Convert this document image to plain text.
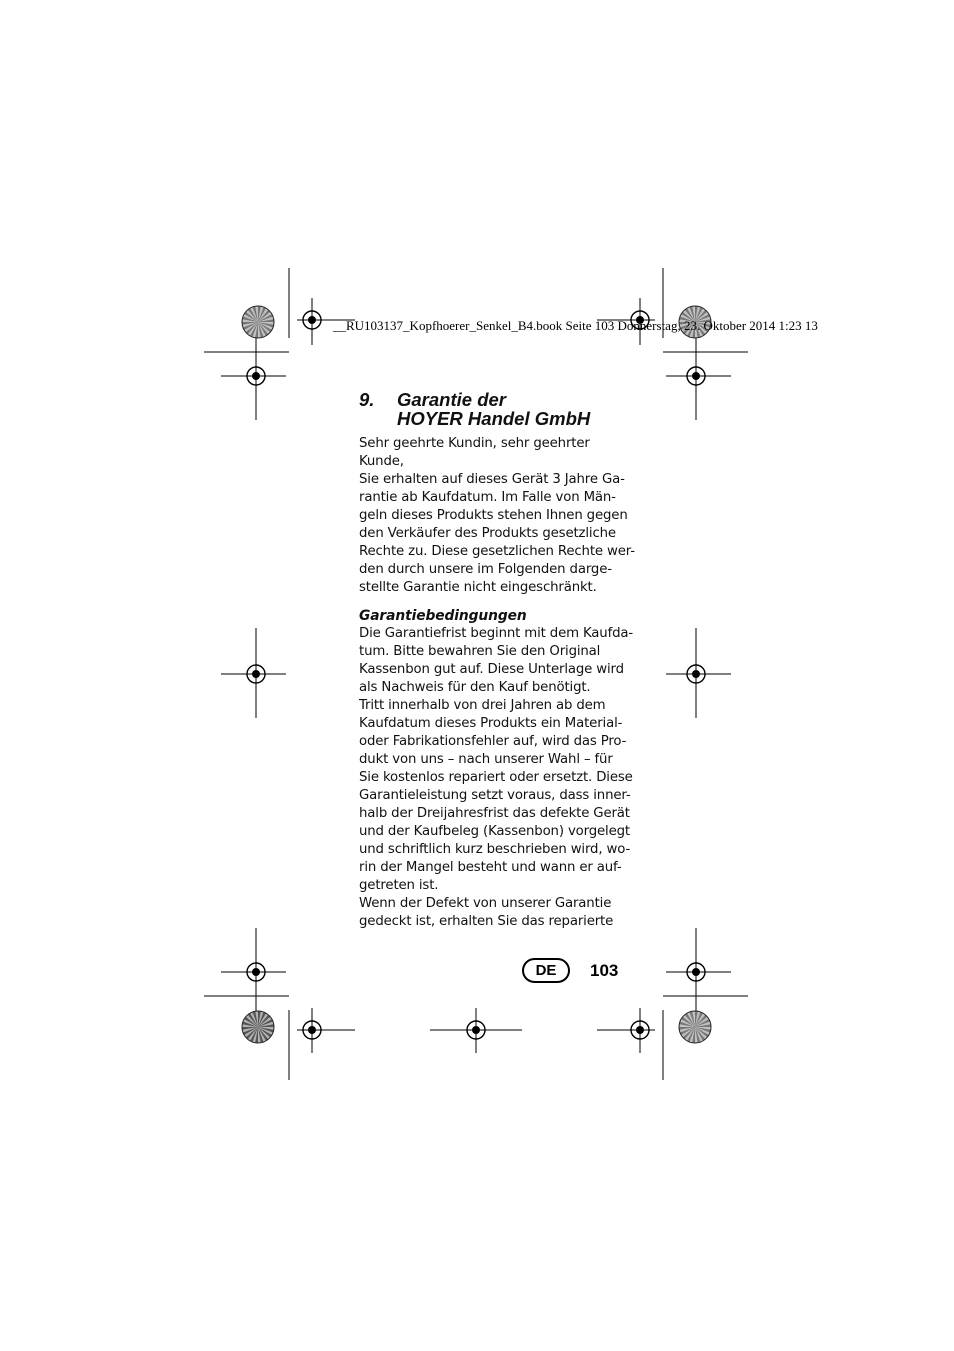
__RU103137_Kopfhoerer_Senkel_B4.book Seite 103 Donnerstag, 23. Oktober 2014 1:23 13
9.	Garantie der
HOYER Handel GmbH
Sehr geehrte Kundin, sehr geehrter
Kunde,
Sie erhalten auf dieses Gerät 3 Jahre Ga-
rantie ab Kaufdatum. Im Falle von Män-
geln dieses Produkts stehen Ihnen gegen
den Verkäufer des Produkts gesetzliche
Rechte zu. Diese gesetzlichen Rechte wer-
den durch unsere im Folgenden darge-
stellte Garantie nicht eingeschränkt.
Garantiebedingungen
Die Garantiefrist beginnt mit dem Kaufda-
tum. Bitte bewahren Sie den Original
Kassenbon gut auf. Diese Unterlage wird
als Nachweis für den Kauf benötigt.
Tritt innerhalb von drei Jahren ab dem
Kaufdatum dieses Produkts ein Material-
oder Fabrikationsfehler auf, wird das Pro-
dukt von uns – nach unserer Wahl – für
Sie kostenlos repariert oder ersetzt. Diese
Garantieleistung setzt voraus, dass inner-
halb der Dreijahresfrist das defekte Gerät
und der Kaufbeleg (Kassenbon) vorgelegt
und schriftlich kurz beschrieben wird, wo-
rin der Mangel besteht und wann er auf-
getreten ist.
Wenn der Defekt von unserer Garantie
gedeckt ist, erhalten Sie das reparierte
DE	103
